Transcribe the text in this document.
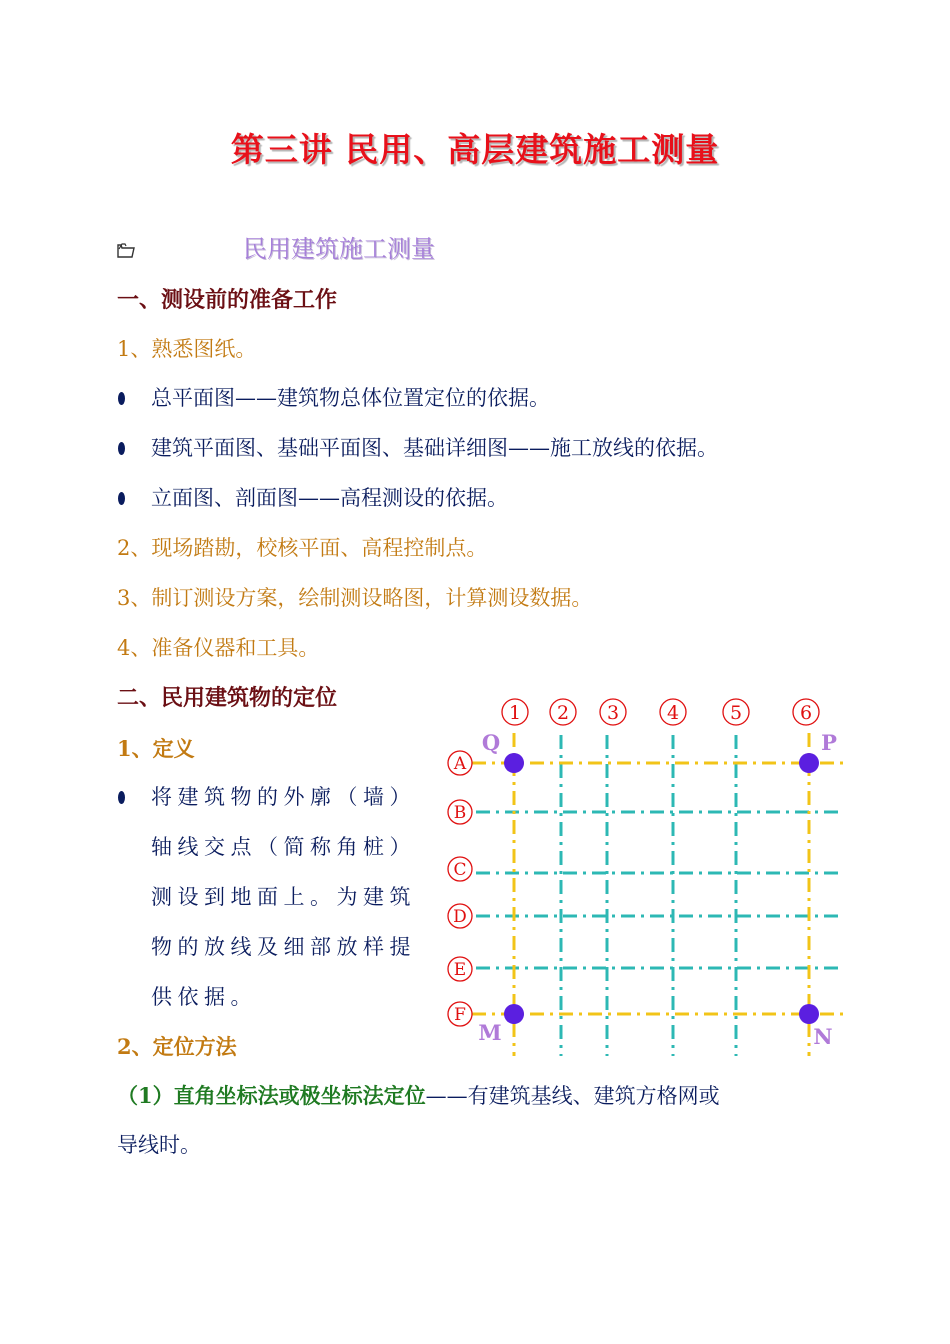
第三讲 民用、高层建筑施工测量
民用建筑施工测量
一、测设前的准备工作
1、熟悉图纸。
总平面图——建筑物总体位置定位的依据。
建筑平面图、基础平面图、基础详细图——施工放线的依据。
立面图、剖面图——高程测设的依据。
2、现场踏勘，校核平面、高程控制点。
3、制订测设方案，绘制测设略图，计算测设数据。
4、准备仪器和工具。
二、民用建筑物的定位
1、定义
将建筑物的外廓（墙）
轴线交点（简称角桩）
测设到地面上。为建筑
物的放线及细部放样提
供依据。
2、定位方法
（1）直角坐标法或极坐标法定位——有建筑基线、建筑方格网或
导线时。
1 2 3	4	5	6
A
B
C
D
E
F
Q	P
M	N
